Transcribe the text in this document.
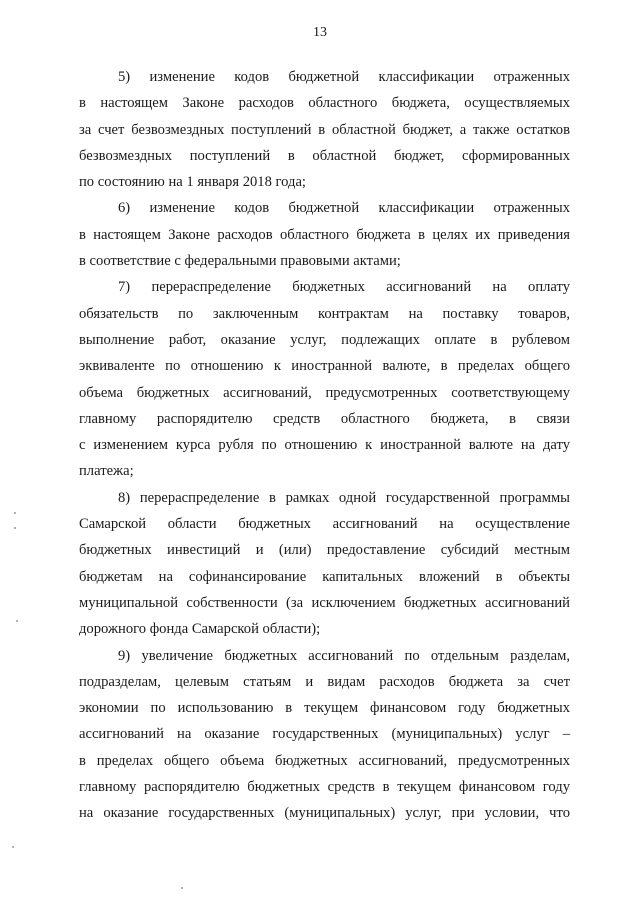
13
5) изменение кодов бюджетной классификации отраженных
в настоящем Законе расходов областного бюджета, осуществляемых
за счет безвозмездных поступлений в областной бюджет, а также остатков
безвозмездных поступлений в областной бюджет, сформированных
по состоянию на 1 января 2018 года;
6) изменение кодов бюджетной классификации отраженных
в настоящем Законе расходов областного бюджета в целях их приведения
в соответствие с федеральными правовыми актами;
7) перераспределение бюджетных ассигнований на оплату
обязательств по заключенным контрактам на поставку товаров,
выполнение работ, оказание услуг, подлежащих оплате в рублевом
эквиваленте по отношению к иностранной валюте, в пределах общего
объема бюджетных ассигнований, предусмотренных соответствующему
главному распорядителю средств областного бюджета, в связи
с изменением курса рубля по отношению к иностранной валюте на дату
платежа;
8) перераспределение в рамках одной государственной программы
Самарской области бюджетных ассигнований на осуществление
бюджетных инвестиций и (или) предоставление субсидий местным
бюджетам на софинансирование капитальных вложений в объекты
муниципальной собственности (за исключением бюджетных ассигнований
дорожного фонда Самарской области);
9) увеличение бюджетных ассигнований по отдельным разделам,
подразделам, целевым статьям и видам расходов бюджета за счет
экономии по использованию в текущем финансовом году бюджетных
ассигнований на оказание государственных (муниципальных) услуг –
в пределах общего объема бюджетных ассигнований, предусмотренных
главному распорядителю бюджетных средств в текущем финансовом году
на оказание государственных (муниципальных) услуг, при условии, что
